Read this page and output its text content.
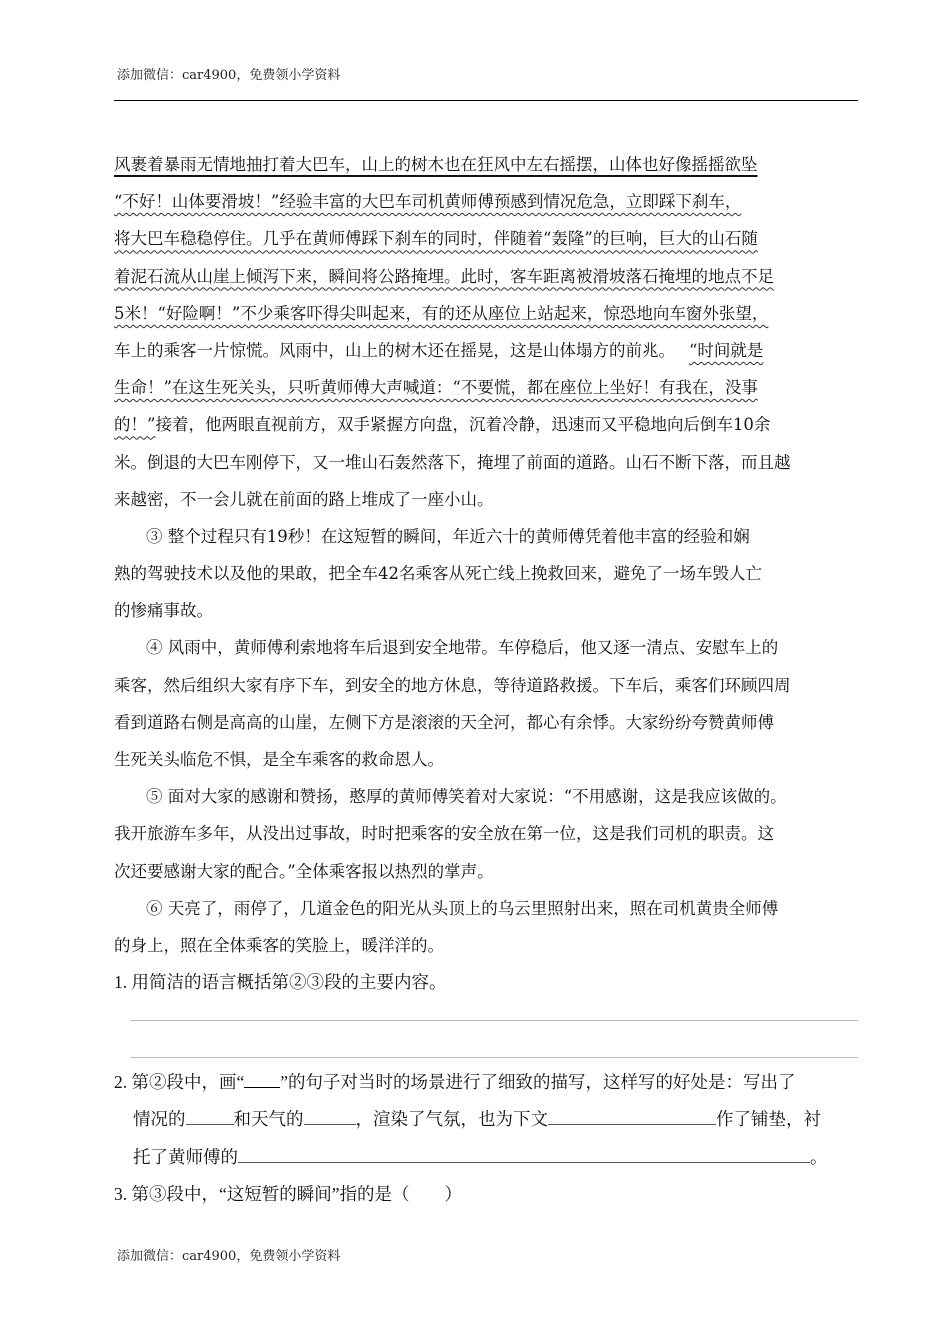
添加微信：car4900，免费领小学资料
风裹着暴雨无情地抽打着大巴车，山上的树木也在狂风中左右摇摆，山体也好像摇摇欲坠
“不好！山体要滑坡！”经验丰富的大巴车司机黄师傅预感到情况危急，立即踩下刹车，
将大巴车稳稳停住。几乎在黄师傅踩下刹车的同时，伴随着“轰隆”的巨响，巨大的山石随
着泥石流从山崖上倾泻下来，瞬间将公路掩埋。此时，客车距离被滑坡落石掩埋的地点不足
5米！“好险啊！”不少乘客吓得尖叫起来，有的还从座位上站起来，惊恐地向车窗外张望，
车上的乘客一片惊慌。风雨中，山上的树木还在摇晃，这是山体塌方的前兆。 “时间就是
生命！”在这生死关头，只听黄师傅大声喊道：“不要慌，都在座位上坐好！有我在，没事
的！”接着，他两眼直视前方，双手紧握方向盘，沉着冷静，迅速而又平稳地向后倒车10余
米。倒退的大巴车刚停下，又一堆山石轰然落下，掩埋了前面的道路。山石不断下落，而且越
来越密，不一会儿就在前面的路上堆成了一座小山。
③ 整个过程只有19秒！在这短暂的瞬间，年近六十的黄师傅凭着他丰富的经验和娴
熟的驾驶技术以及他的果敢，把全车42名乘客从死亡线上挽救回来，避免了一场车毁人亡
的惨痛事故。
④ 风雨中，黄师傅利索地将车后退到安全地带。车停稳后，他又逐一清点、安慰车上的
乘客，然后组织大家有序下车，到安全的地方休息，等待道路救援。下车后，乘客们环顾四周
看到道路右侧是高高的山崖，左侧下方是滚滚的天全河，都心有余悸。大家纷纷夸赞黄师傅
生死关头临危不惧，是全车乘客的救命恩人。
⑤ 面对大家的感谢和赞扬，憨厚的黄师傅笑着对大家说：“不用感谢，这是我应该做的。
我开旅游车多年，从没出过事故，时时把乘客的安全放在第一位，这是我们司机的职责。这
次还要感谢大家的配合。”全体乘客报以热烈的掌声。
⑥ 天亮了，雨停了，几道金色的阳光从头顶上的乌云里照射出来，照在司机黄贵全师傅
的身上，照在全体乘客的笑脸上，暖洋洋的。
1. 用简洁的语言概括第②③段的主要内容。
2. 第②段中，画“ ”的句子对当时的场景进行了细致的描写，这样写的好处是：写出了
情况的	和天气的	，渲染了气氛，也为下文	作了铺垫，衬
托了黄师傅的	。
3. 第③段中，“这短暂的瞬间”指的是（　　）
添加微信：car4900，免费领小学资料
